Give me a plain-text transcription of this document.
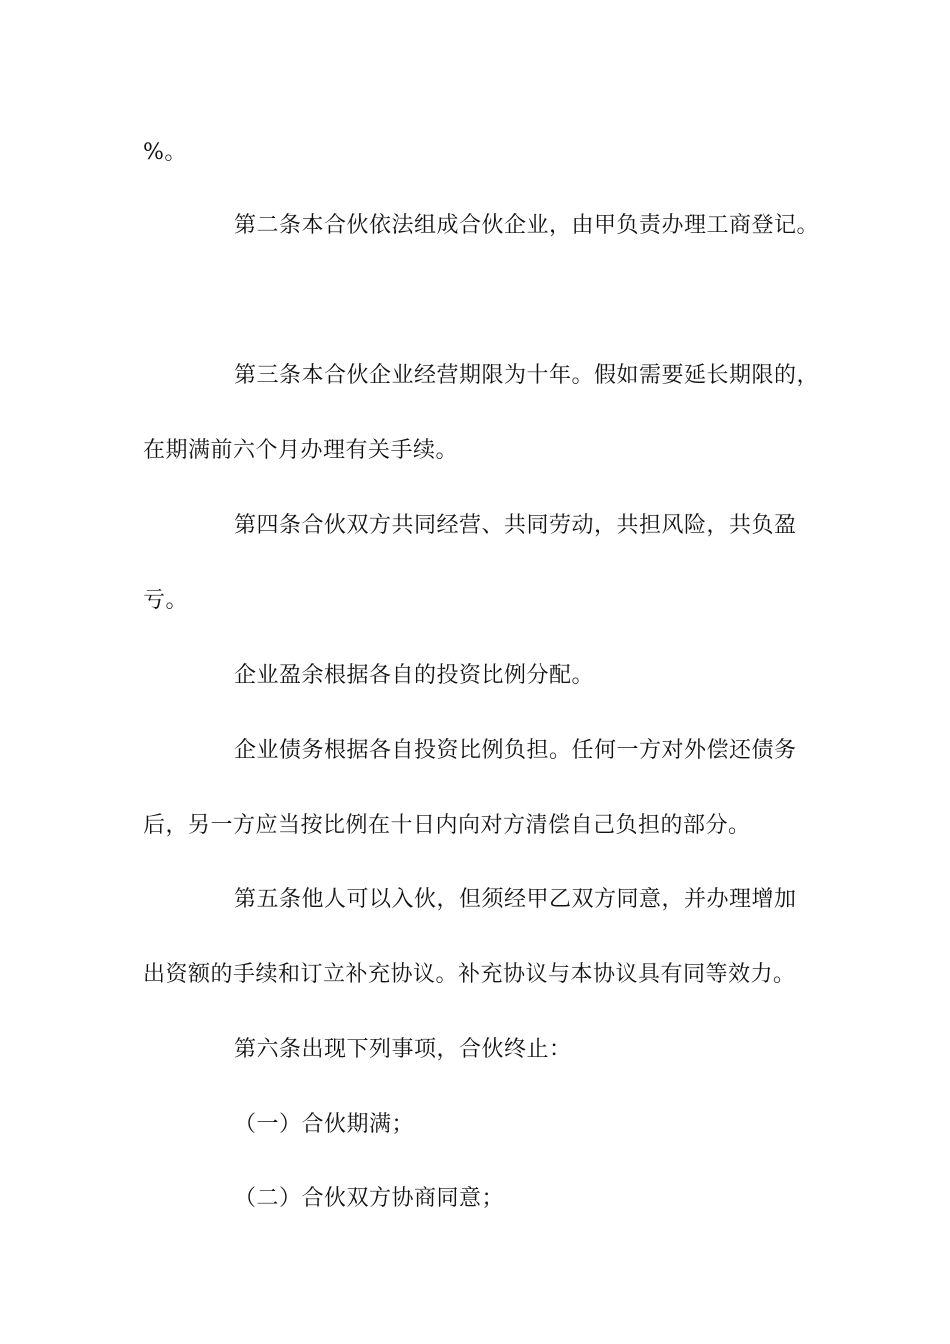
%。
第二条本合伙依法组成合伙企业，由甲负责办理工商登记。
第三条本合伙企业经营期限为十年。假如需要延长期限的，
在期满前六个月办理有关手续。
第四条合伙双方共同经营、共同劳动，共担风险，共负盈
亏。
企业盈余根据各自的投资比例分配。
企业债务根据各自投资比例负担。任何一方对外偿还债务
后，另一方应当按比例在十日内向对方清偿自己负担的部分。
第五条他人可以入伙，但须经甲乙双方同意，并办理增加
出资额的手续和订立补充协议。补充协议与本协议具有同等效力。
第六条出现下列事项，合伙终止：
（一）合伙期满；
（二）合伙双方协商同意；
